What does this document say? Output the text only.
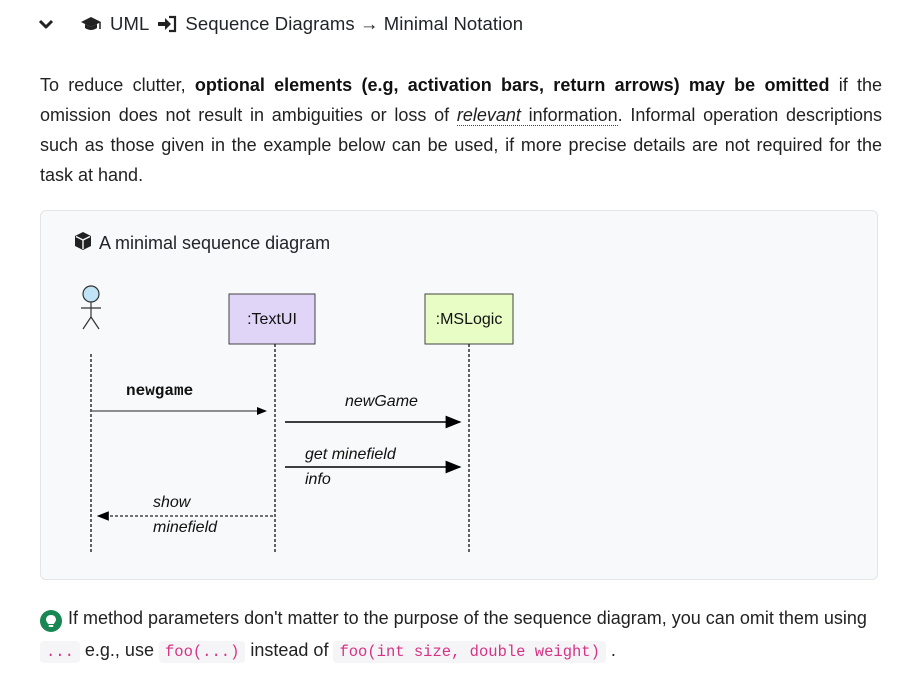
UML Sequence Diagrams → Minimal Notation
To reduce clutter, optional elements (e.g, activation bars, return arrows) may be omitted if the omission does not result in ambiguities or loss of relevant information. Informal operation descriptions such as those given in the example below can be used, if more precise details are not required for the task at hand.
A minimal sequence diagram
:TextUI	:MSLogic
newgame
newGame
get minefield info
show minefield
If method parameters don't matter to the purpose of the sequence diagram, you can omit them using ... e.g., use foo(...) instead of foo(int size, double weight) .
